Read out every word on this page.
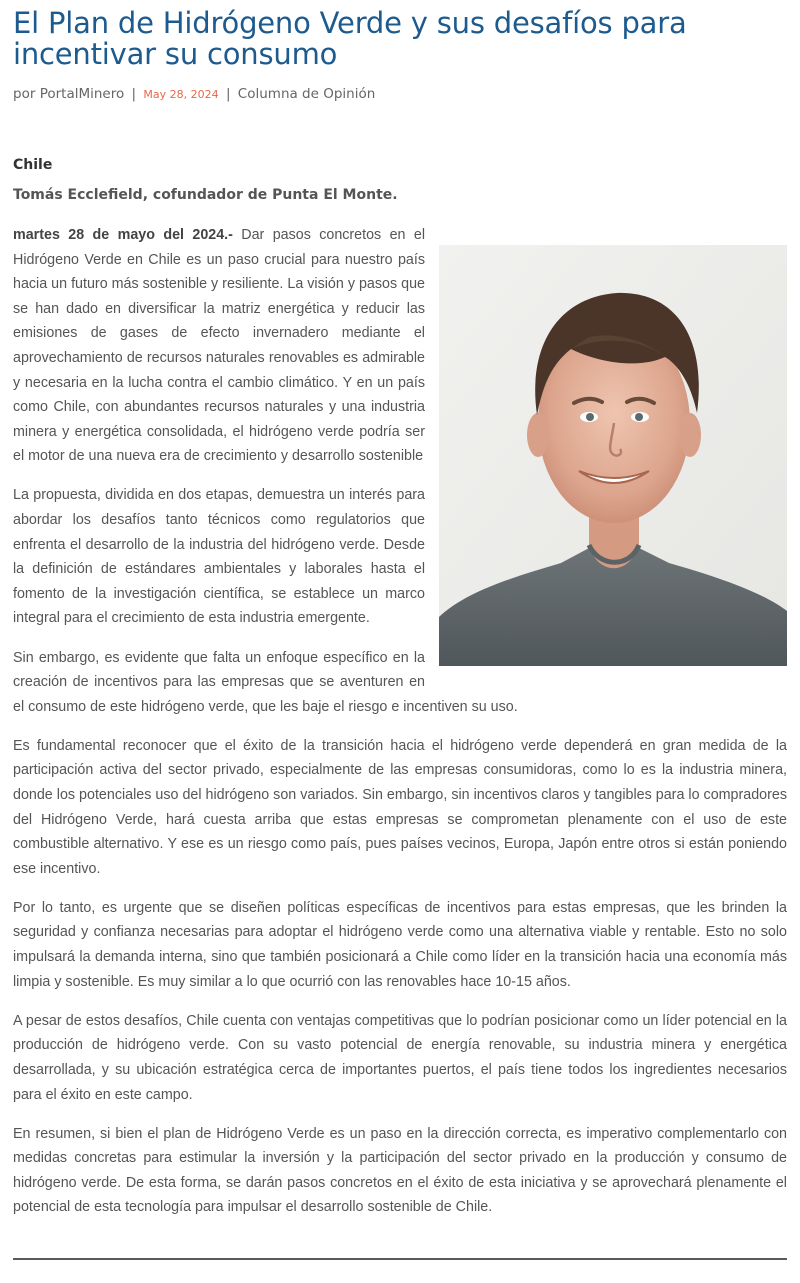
El Plan de Hidrógeno Verde y sus desafíos para incentivar su consumo
por PortalMinero | May 28, 2024 | Columna de Opinión
Chile
Tomás Ecclefield, cofundador de Punta El Monte.

martes 28 de mayo del 2024.- Dar pasos concretos en el Hidrógeno Verde en Chile es un paso crucial para nuestro país hacia un futuro más sostenible y resiliente. La visión y pasos que se han dado en diversificar la matriz energética y reducir las emisiones de gases de efecto invernadero mediante el aprovechamiento de recursos naturales renovables es admirable y necesaria en la lucha contra el cambio climático. Y en un país como Chile, con abundantes recursos naturales y una industria minera y energética consolidada, el hidrógeno verde podría ser el motor de una nueva era de crecimiento y desarrollo sostenible

La propuesta, dividida en dos etapas, demuestra un interés para abordar los desafíos tanto técnicos como regulatorios que enfrenta el desarrollo de la industria del hidrógeno verde. Desde la definición de estándares ambientales y laborales hasta el fomento de la investigación científica, se establece un marco integral para el crecimiento de esta industria emergente.

Sin embargo, es evidente que falta un enfoque específico en la creación de incentivos para las empresas que se aventuren en el consumo de este hidrógeno verde, que les baje el riesgo e incentiven su uso.

Es fundamental reconocer que el éxito de la transición hacia el hidrógeno verde dependerá en gran medida de la participación activa del sector privado, especialmente de las empresas consumidoras, como lo es la industria minera, donde los potenciales uso del hidrógeno son variados. Sin embargo, sin incentivos claros y tangibles para lo compradores del Hidrógeno Verde, hará cuesta arriba que estas empresas se comprometan plenamente con el uso de este combustible alternativo. Y ese es un riesgo como país, pues países vecinos, Europa, Japón entre otros si están poniendo ese incentivo.

Por lo tanto, es urgente que se diseñen políticas específicas de incentivos para estas empresas, que les brinden la seguridad y confianza necesarias para adoptar el hidrógeno verde como una alternativa viable y rentable. Esto no solo impulsará la demanda interna, sino que también posicionará a Chile como líder en la transición hacia una economía más limpia y sostenible. Es muy similar a lo que ocurrió con las renovables hace 10-15 años.

A pesar de estos desafíos, Chile cuenta con ventajas competitivas que lo podrían posicionar como un líder potencial en la producción de hidrógeno verde. Con su vasto potencial de energía renovable, su industria minera y energética desarrollada, y su ubicación estratégica cerca de importantes puertos, el país tiene todos los ingredientes necesarios para el éxito en este campo.

En resumen, si bien el plan de Hidrógeno Verde es un paso en la dirección correcta, es imperativo complementarlo con medidas concretas para estimular la inversión y la participación del sector privado en la producción y consumo de hidrógeno verde. De esta forma, se darán pasos concretos en el éxito de esta iniciativa y se aprovechará plenamente el potencial de esta tecnología para impulsar el desarrollo sostenible de Chile.
